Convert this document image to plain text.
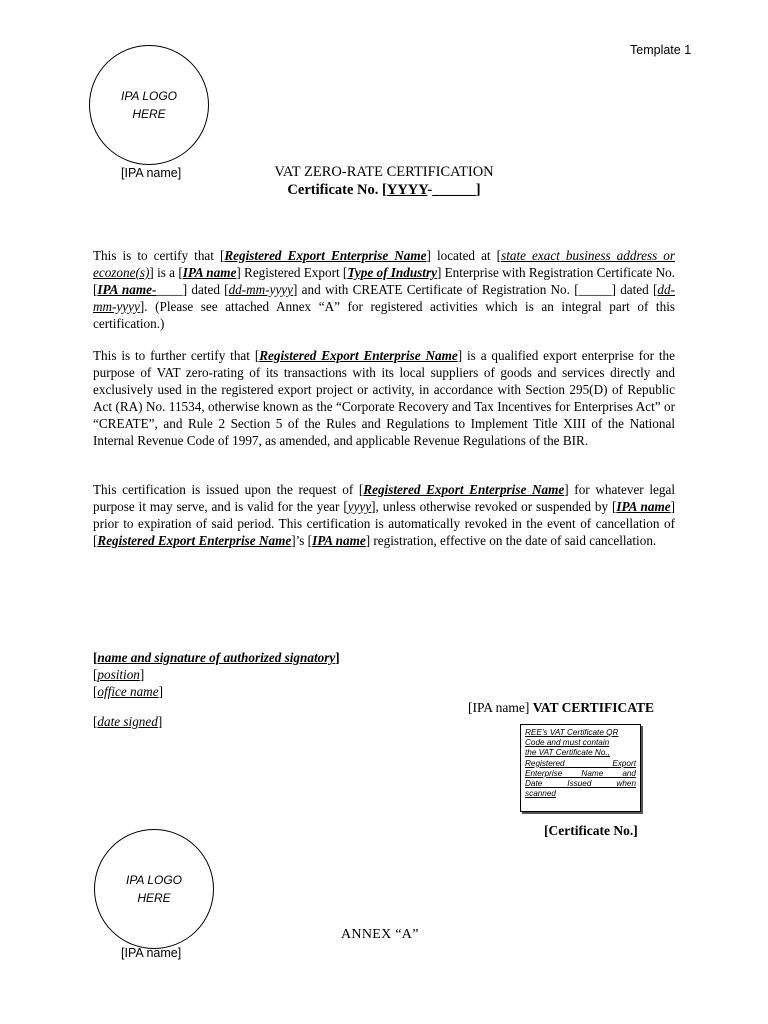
Template 1
IPA LOGO
HERE
[IPA name]	VAT ZERO-RATE CERTIFICATION
Certificate No. [YYYY-______]

This is to certify that [Registered Export Enterprise Name] located at [state exact business address or ecozone(s)] is a [IPA name] Registered Export [Type of Industry] Enterprise with Registration Certificate No. [IPA name-____] dated [dd-mm-yyyy] and with CREATE Certificate of Registration No. [_____] dated [dd-mm-yyyy]. (Please see attached Annex “A” for registered activities which is an integral part of this certification.)

This is to further certify that [Registered Export Enterprise Name] is a qualified export enterprise for the purpose of VAT zero-rating of its transactions with its local suppliers of goods and services directly and exclusively used in the registered export project or activity, in accordance with Section 295(D) of Republic Act (RA) No. 11534, otherwise known as the “Corporate Recovery and Tax Incentives for Enterprises Act” or “CREATE”, and Rule 2 Section 5 of the Rules and Regulations to Implement Title XIII of the National Internal Revenue Code of 1997, as amended, and applicable Revenue Regulations of the BIR.

This certification is issued upon the request of [Registered Export Enterprise Name] for whatever legal purpose it may serve, and is valid for the year [yyyy], unless otherwise revoked or suspended by [IPA name] prior to expiration of said period. This certification is automatically revoked in the event of cancellation of [Registered Export Enterprise Name]’s [IPA name] registration, effective on the date of said cancellation.

[name and signature of authorized signatory]
[position]
[office name]
[date signed]
[IPA name] VAT CERTIFICATE
REE’s VAT Certificate QR
Code and must contain
the VAT Certificate No.,
Registered Export
Enterprise Name and
Date Issued when
scanned
[Certificate No.]
IPA LOGO
HERE
[IPA name]
ANNEX “A”
